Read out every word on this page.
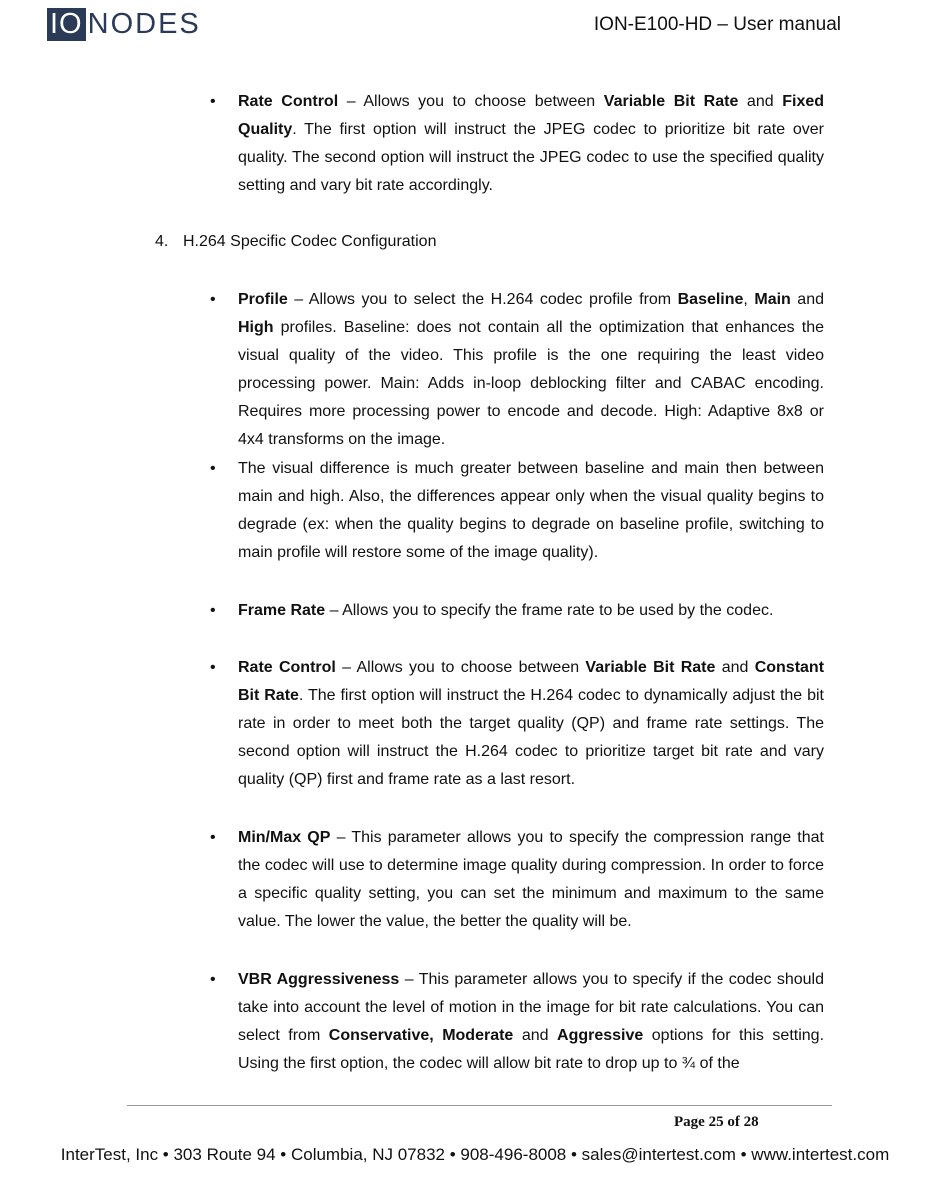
IO NODES	ION-E100-HD – User manual
• Rate Control – Allows you to choose between Variable Bit Rate and Fixed Quality. The first option will instruct the JPEG codec to prioritize bit rate over quality. The second option will instruct the JPEG codec to use the specified quality setting and vary bit rate accordingly.
4. H.264 Specific Codec Configuration
• Profile – Allows you to select the H.264 codec profile from Baseline, Main and High profiles. Baseline: does not contain all the optimization that enhances the visual quality of the video. This profile is the one requiring the least video processing power. Main: Adds in-loop deblocking filter and CABAC encoding. Requires more processing power to encode and decode. High: Adaptive 8x8 or 4x4 transforms on the image.
• The visual difference is much greater between baseline and main then between main and high. Also, the differences appear only when the visual quality begins to degrade (ex: when the quality begins to degrade on baseline profile, switching to main profile will restore some of the image quality).
• Frame Rate – Allows you to specify the frame rate to be used by the codec.
• Rate Control – Allows you to choose between Variable Bit Rate and Constant Bit Rate. The first option will instruct the H.264 codec to dynamically adjust the bit rate in order to meet both the target quality (QP) and frame rate settings. The second option will instruct the H.264 codec to prioritize target bit rate and vary quality (QP) first and frame rate as a last resort.
• Min/Max QP – This parameter allows you to specify the compression range that the codec will use to determine image quality during compression. In order to force a specific quality setting, you can set the minimum and maximum to the same value. The lower the value, the better the quality will be.
• VBR Aggressiveness – This parameter allows you to specify if the codec should take into account the level of motion in the image for bit rate calculations. You can select from Conservative, Moderate and Aggressive options for this setting. Using the first option, the codec will allow bit rate to drop up to ¾ of the
Page 25 of 28
InterTest, Inc • 303 Route 94 • Columbia, NJ 07832 • 908-496-8008 • sales@intertest.com • www.intertest.com
